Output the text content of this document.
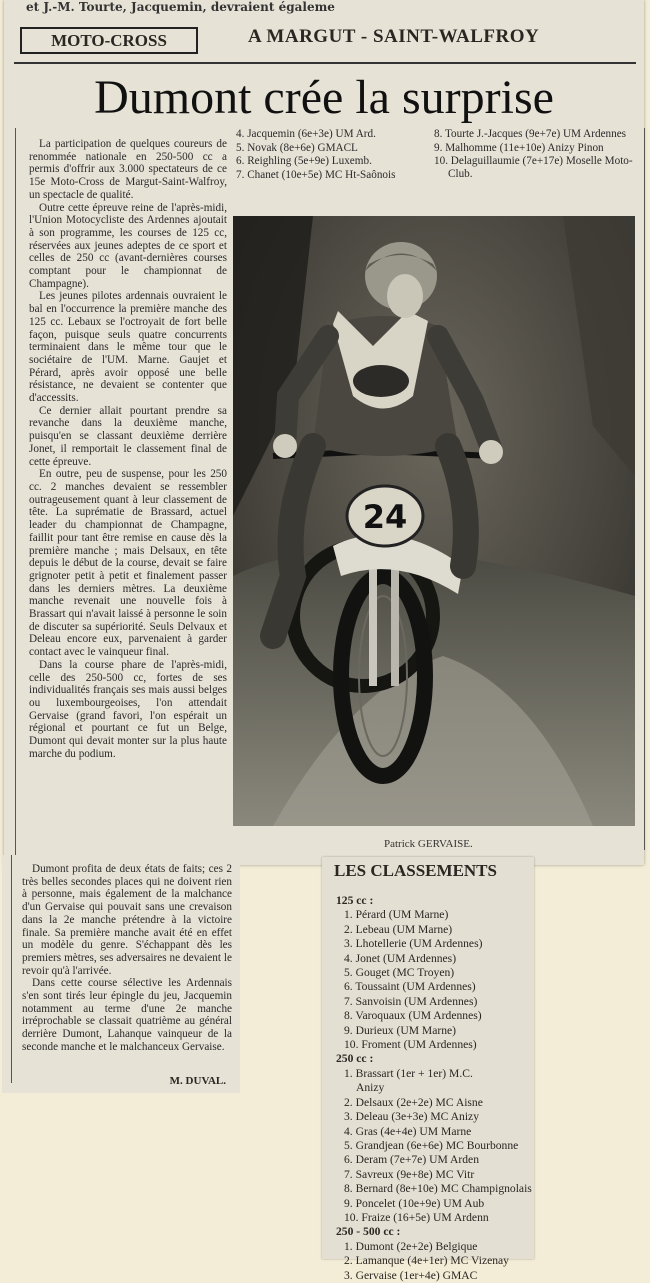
et J.-M. Tourte, Jacquemin, devraient égaleme
MOTO-CROSS	A MARGUT - SAINT-WALFROY
Dumont crée la surprise

La participation de quelques coureurs de renommée nationale en 250-500 cc a permis d'offrir aux 3.000 spectateurs de ce 15e Moto-Cross de Margut-Saint-Walfroy, un spectacle de qualité.

Outre cette épreuve reine de l'après-midi, l'Union Motocycliste des Ardennes ajoutait à son programme, les courses de 125 cc, réservées aux jeunes adeptes de ce sport et celles de 250 cc (avant-dernières courses comptant pour le championnat de Champagne).

Les jeunes pilotes ardennais ouvraient le bal en l'occurrence la première manche des 125 cc. Lebaux se l'octroyait de fort belle façon, puisque seuls quatre concurrents terminaient dans le même tour que le sociétaire de l'UM. Marne. Gaujet et Pérard, après avoir opposé une belle résistance, ne devaient se contenter que d'accessits.

Ce dernier allait pourtant prendre sa revanche dans la deuxième manche, puisqu'en se classant deuxième derrière Jonet, il remportait le classement final de cette épreuve.

En outre, peu de suspense, pour les 250 cc. 2 manches devaient se ressembler outrageusement quant à leur classement de tête. La suprématie de Brassard, actuel leader du championnat de Champagne, faillit pour tant être remise en cause dès la première manche ; mais Delsaux, en tête depuis le début de la course, devait se faire grignoter petit à petit et finalement passer dans les derniers mètres. La deuxième manche revenait une nouvelle fois à Brassart qui n'avait laissé à personne le soin de discuter sa supériorité. Seuls Delvaux et Deleau encore eux, parvenaient à garder contact avec le vainqueur final.

Dans la course phare de l'après-midi, celle des 250-500 cc, fortes de ses individualités français ses mais aussi belges ou luxembourgeoises, l'on attendait Gervaise (grand favori, l'on espérait un régional et pourtant ce fut un Belge, Dumont qui devait monter sur la plus haute marche du podium.

4. Jacquemin (6e+3e) UM Ard.
5. Novak (8e+6e) GMACL
6. Reighling (5e+9e) Luxemb.
7. Chanet (10e+5e) MC Ht-Saônois
8. Tourte J.-Jacques (9e+7e) UM Ardennes
9. Malhomme (11e+10e) Anizy Pinon
10. Delaguillaumie (7e+17e) Moselle Moto-Club.
24
Patrick GERVAISE.

Dumont profita de deux états de faits; ces 2 très belles secondes places qui ne doivent rien à personne, mais également de la malchance d'un Gervaise qui pouvait sans une crevaison dans la 2e manche prétendre à la victoire finale. Sa première manche avait été en effet un modèle du genre. S'échappant dès les premiers mètres, ses adversaires ne devaient le revoir qu'à l'arrivée.

Dans cette course sélective les Ardennais s'en sont tirés leur épingle du jeu, Jacquemin notamment au terme d'une 2e manche irréprochable se classait quatrième au général derrière Dumont, Lahanque vainqueur de la seconde manche et le malchanceux Gervaise.

M. DUVAL.
LES CLASSEMENTS
125 cc :
1. Pérard (UM Marne)
2. Lebeau (UM Marne)
3. Lhotellerie (UM Ardennes)
4. Jonet (UM Ardennes)
5. Gouget (MC Troyen)
6. Toussaint (UM Ardennes)
7. Sanvoisin (UM Ardennes)
8. Varoquaux (UM Ardennes)
9. Durieux (UM Marne)
10. Froment (UM Ardennes)
250 cc :
1. Brassart (1er + 1er) M.C.
Anizy
2. Delsaux (2e+2e) MC Aisne
3. Deleau (3e+3e) MC Anizy
4. Gras (4e+4e) UM Marne
5. Grandjean (6e+6e) MC Bourbonne
6. Deram (7e+7e) UM Arden
7. Savreux (9e+8e) MC Vitr
8. Bernard (8e+10e) MC Champignolais
9. Poncelet (10e+9e) UM Aub
10. Fraize (16+5e) UM Ardenn
250 - 500 cc :
1. Dumont (2e+2e) Belgique
2. Lamanque (4e+1er) MC Vizenay
3. Gervaise (1er+4e) GMAC
